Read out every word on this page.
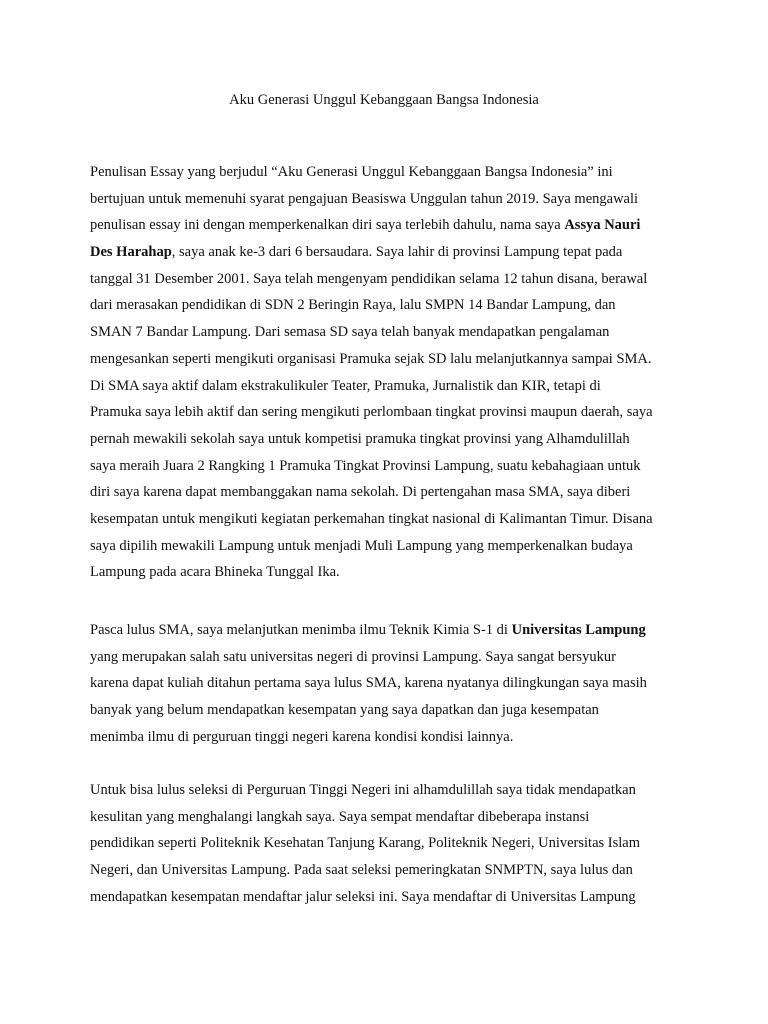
Aku Generasi Unggul Kebanggaan Bangsa Indonesia

Penulisan Essay yang berjudul “Aku Generasi Unggul Kebanggaan Bangsa Indonesia” ini
bertujuan untuk memenuhi syarat pengajuan Beasiswa Unggulan tahun 2019. Saya mengawali
penulisan essay ini dengan memperkenalkan diri saya terlebih dahulu, nama saya Assya Nauri
Des Harahap, saya anak ke-3 dari 6 bersaudara. Saya lahir di provinsi Lampung tepat pada
tanggal 31 Desember 2001. Saya telah mengenyam pendidikan selama 12 tahun disana, berawal
dari merasakan pendidikan di SDN 2 Beringin Raya, lalu SMPN 14 Bandar Lampung, dan
SMAN 7 Bandar Lampung. Dari semasa SD saya telah banyak mendapatkan pengalaman
mengesankan seperti mengikuti organisasi Pramuka sejak SD lalu melanjutkannya sampai SMA.
Di SMA saya aktif dalam ekstrakulikuler Teater, Pramuka, Jurnalistik dan KIR, tetapi di
Pramuka saya lebih aktif dan sering mengikuti perlombaan tingkat provinsi maupun daerah, saya
pernah mewakili sekolah saya untuk kompetisi pramuka tingkat provinsi yang Alhamdulillah
saya meraih Juara 2 Rangking 1 Pramuka Tingkat Provinsi Lampung, suatu kebahagiaan untuk
diri saya karena dapat membanggakan nama sekolah. Di pertengahan masa SMA, saya diberi
kesempatan untuk mengikuti kegiatan perkemahan tingkat nasional di Kalimantan Timur. Disana
saya dipilih mewakili Lampung untuk menjadi Muli Lampung yang memperkenalkan budaya
Lampung pada acara Bhineka Tunggal Ika.

Pasca lulus SMA, saya melanjutkan menimba ilmu Teknik Kimia S-1 di Universitas Lampung
yang merupakan salah satu universitas negeri di provinsi Lampung. Saya sangat bersyukur
karena dapat kuliah ditahun pertama saya lulus SMA, karena nyatanya dilingkungan saya masih
banyak yang belum mendapatkan kesempatan yang saya dapatkan dan juga kesempatan
menimba ilmu di perguruan tinggi negeri karena kondisi kondisi lainnya.

Untuk bisa lulus seleksi di Perguruan Tinggi Negeri ini alhamdulillah saya tidak mendapatkan
kesulitan yang menghalangi langkah saya. Saya sempat mendaftar dibeberapa instansi
pendidikan seperti Politeknik Kesehatan Tanjung Karang, Politeknik Negeri, Universitas Islam
Negeri, dan Universitas Lampung. Pada saat seleksi pemeringkatan SNMPTN, saya lulus dan
mendapatkan kesempatan mendaftar jalur seleksi ini. Saya mendaftar di Universitas Lampung
